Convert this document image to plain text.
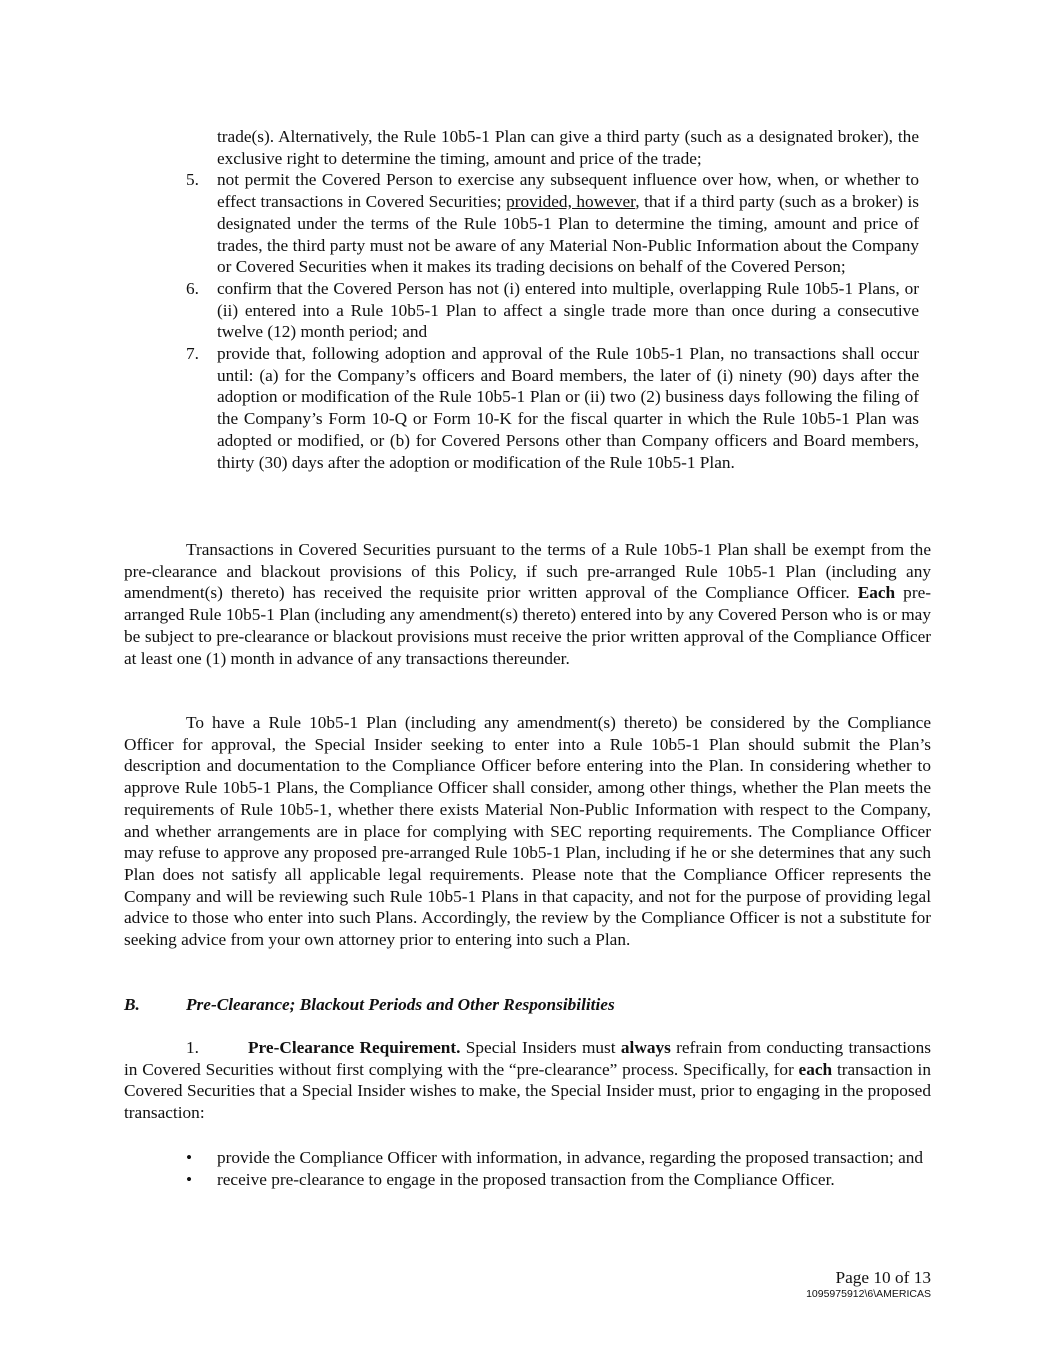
trade(s). Alternatively, the Rule 10b5-1 Plan can give a third party (such as a designated broker), the exclusive right to determine the timing, amount and price of the trade;
5. not permit the Covered Person to exercise any subsequent influence over how, when, or whether to effect transactions in Covered Securities; provided, however, that if a third party (such as a broker) is designated under the terms of the Rule 10b5-1 Plan to determine the timing, amount and price of trades, the third party must not be aware of any Material Non-Public Information about the Company or Covered Securities when it makes its trading decisions on behalf of the Covered Person;
6. confirm that the Covered Person has not (i) entered into multiple, overlapping Rule 10b5-1 Plans, or (ii) entered into a Rule 10b5-1 Plan to affect a single trade more than once during a consecutive twelve (12) month period; and
7. provide that, following adoption and approval of the Rule 10b5-1 Plan, no transactions shall occur until: (a) for the Company’s officers and Board members, the later of (i) ninety (90) days after the adoption or modification of the Rule 10b5-1 Plan or (ii) two (2) business days following the filing of the Company’s Form 10-Q or Form 10-K for the fiscal quarter in which the Rule 10b5-1 Plan was adopted or modified, or (b) for Covered Persons other than Company officers and Board members, thirty (30) days after the adoption or modification of the Rule 10b5-1 Plan.

Transactions in Covered Securities pursuant to the terms of a Rule 10b5-1 Plan shall be exempt from the pre-clearance and blackout provisions of this Policy, if such pre-arranged Rule 10b5-1 Plan (including any amendment(s) thereto) has received the requisite prior written approval of the Compliance Officer. Each pre-arranged Rule 10b5-1 Plan (including any amendment(s) thereto) entered into by any Covered Person who is or may be subject to pre-clearance or blackout provisions must receive the prior written approval of the Compliance Officer at least one (1) month in advance of any transactions thereunder.

To have a Rule 10b5-1 Plan (including any amendment(s) thereto) be considered by the Compliance Officer for approval, the Special Insider seeking to enter into a Rule 10b5-1 Plan should submit the Plan’s description and documentation to the Compliance Officer before entering into the Plan. In considering whether to approve Rule 10b5-1 Plans, the Compliance Officer shall consider, among other things, whether the Plan meets the requirements of Rule 10b5-1, whether there exists Material Non-Public Information with respect to the Company, and whether arrangements are in place for complying with SEC reporting requirements. The Compliance Officer may refuse to approve any proposed pre-arranged Rule 10b5-1 Plan, including if he or she determines that any such Plan does not satisfy all applicable legal requirements. Please note that the Compliance Officer represents the Company and will be reviewing such Rule 10b5-1 Plans in that capacity, and not for the purpose of providing legal advice to those who enter into such Plans. Accordingly, the review by the Compliance Officer is not a substitute for seeking advice from your own attorney prior to entering into such a Plan.

B.	Pre-Clearance; Blackout Periods and Other Responsibilities

1.	Pre-Clearance Requirement. Special Insiders must always refrain from conducting transactions in Covered Securities without first complying with the “pre-clearance” process. Specifically, for each transaction in Covered Securities that a Special Insider wishes to make, the Special Insider must, prior to engaging in the proposed transaction:

• provide the Compliance Officer with information, in advance, regarding the proposed transaction; and
• receive pre-clearance to engage in the proposed transaction from the Compliance Officer.
Page 10 of 13
1095975912\6\AMERICAS
